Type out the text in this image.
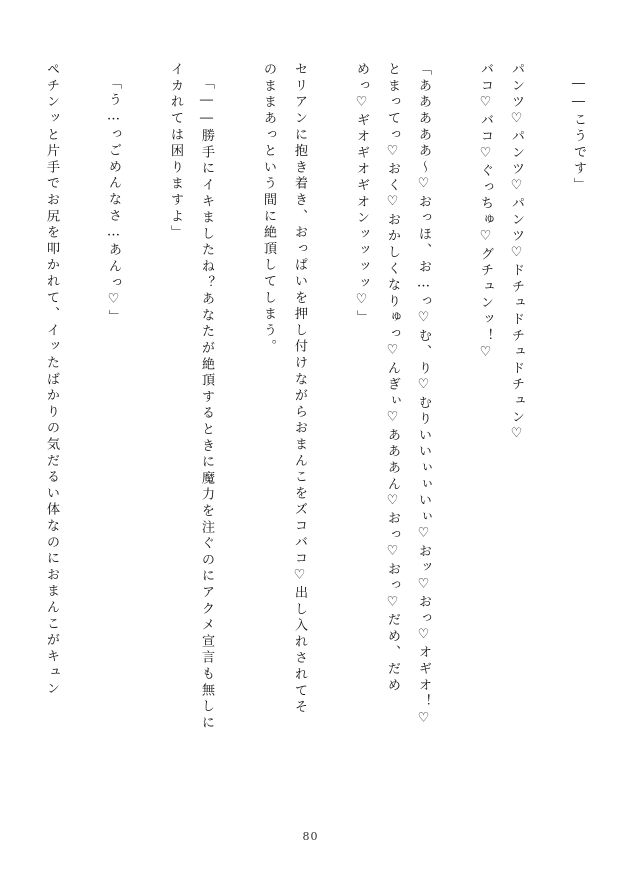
――こうです」
パンツ♡パンツ♡パンツ♡ドチュドチュドチュン♡
バコ♡バコ♡ぐっちゅ♡グチュンッ！♡
「あああああ～♡おっほ、お…っ♡む、り♡むりいいぃぃいぃ♡おッ♡おっ♡オギオ！♡
とまってっ♡おく♡おかしくなりゅっ♡んぎぃ♡あああん♡おっ♡おっ♡だめ、だめ
めっ♡ギオギオギオンッッッッ♡」
セリアンに抱き着き、おっぱいを押し付けながらおまんこをズコバコ♡出し入れされてそ
のままあっという間に絶頂してしまう。
「――勝手にイキましたね？あなたが絶頂するときに魔力を注ぐのにアクメ宣言も無しに
イカれては困りますよ」
「う…っごめんなさ…あんっ♡」
ペチンッと片手でお尻を叩かれて、イッたばかりの気だるい体なのにおまんこがキュン
80
